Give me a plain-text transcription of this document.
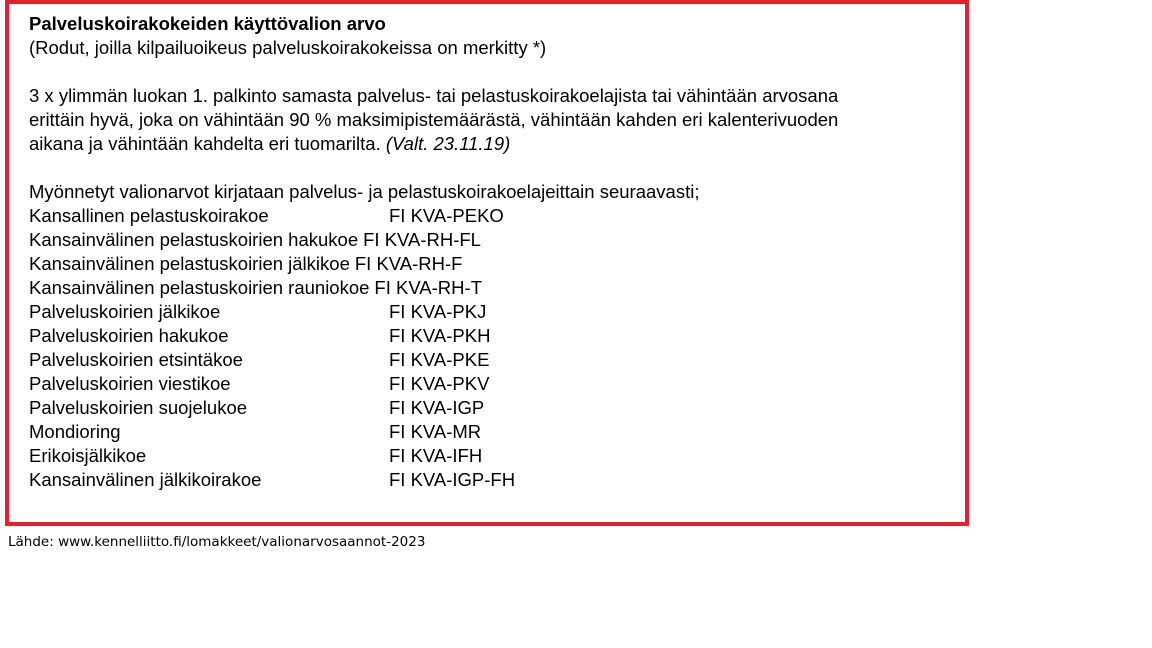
Palveluskoirakokeiden käyttövalion arvo

(Rodut, joilla kilpailuoikeus palveluskoirakokeissa on merkitty *)

3 x ylimmän luokan 1. palkinto samasta palvelus- tai pelastuskoirakoelajista tai vähintään arvosana
erittäin hyvä, joka on vähintään 90 % maksimipistemäärästä, vähintään kahden eri kalenterivuoden
aikana ja vähintään kahdelta eri tuomarilta. (Valt. 23.11.19)
Myönnetyt valionarvot kirjataan palvelus- ja pelastuskoirakoelajeittain seuraavasti;
Kansallinen pelastuskoirakoe	FI KVA-PEKO
Kansainvälinen pelastuskoirien hakukoe FI KVA-RH-FL
Kansainvälinen pelastuskoirien jälkikoe FI KVA-RH-F
Kansainvälinen pelastuskoirien rauniokoe FI KVA-RH-T
Palveluskoirien jälkikoe	FI KVA-PKJ
Palveluskoirien hakukoe	FI KVA-PKH
Palveluskoirien etsintäkoe	FI KVA-PKE
Palveluskoirien viestikoe	FI KVA-PKV
Palveluskoirien suojelukoe	FI KVA-IGP
Mondioring	FI KVA-MR
Erikoisjälkikoe	FI KVA-IFH
Kansainvälinen jälkikoirakoe	FI KVA-IGP-FH
Lähde: www.kennelliitto.fi/lomakkeet/valionarvosaannot-2023
